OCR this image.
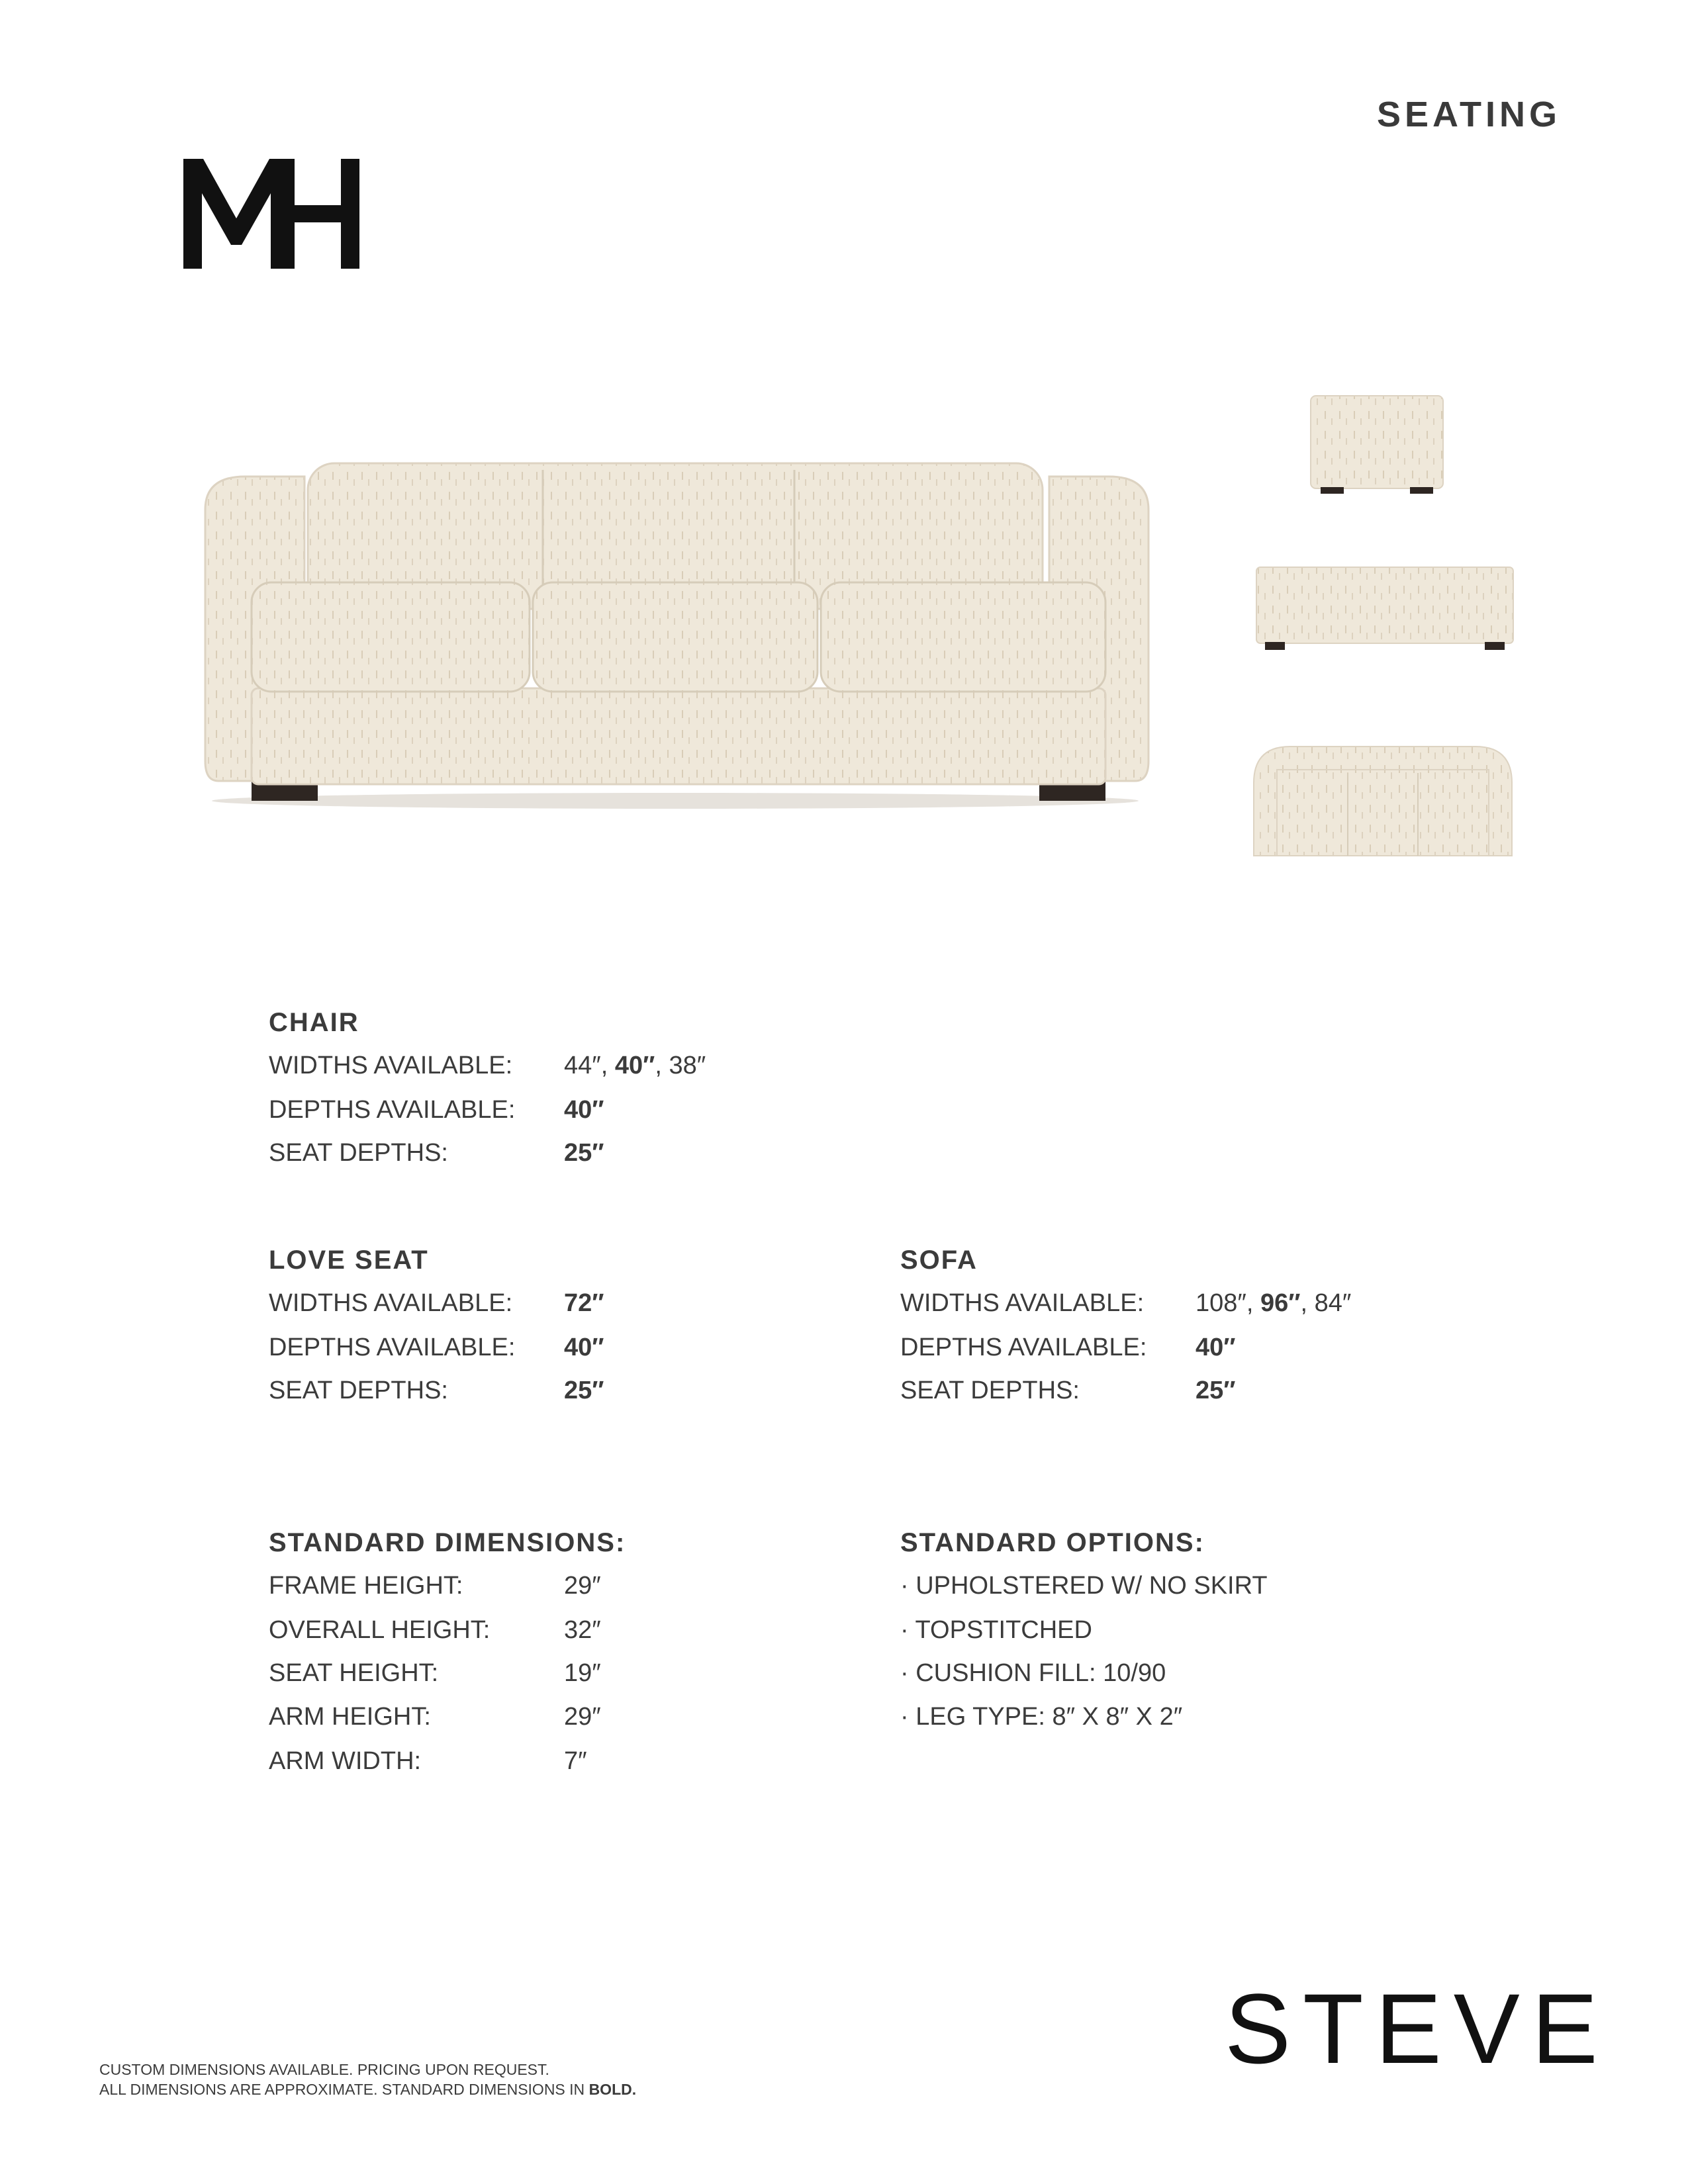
SEATING
CHAIR
WIDTHS AVAILABLE:	44″, 40″, 38″
DEPTHS AVAILABLE:	40″
SEAT DEPTHS:	25″
LOVE SEAT
WIDTHS AVAILABLE:	72″
DEPTHS AVAILABLE:	40″
SEAT DEPTHS:	25″
SOFA
WIDTHS AVAILABLE:	108″, 96″, 84″
DEPTHS AVAILABLE:	40″
SEAT DEPTHS:	25″
STANDARD DIMENSIONS:
FRAME HEIGHT:	29″
OVERALL HEIGHT:	32″
SEAT HEIGHT:	19″
ARM HEIGHT:	29″
ARM WIDTH:	7″
STANDARD OPTIONS:
· UPHOLSTERED W/ NO SKIRT
· TOPSTITCHED
· CUSHION FILL: 10/90
· LEG TYPE: 8″ X 8″ X 2″
STEVE
CUSTOM DIMENSIONS AVAILABLE. PRICING UPON REQUEST.
ALL DIMENSIONS ARE APPROXIMATE. STANDARD DIMENSIONS IN BOLD.
